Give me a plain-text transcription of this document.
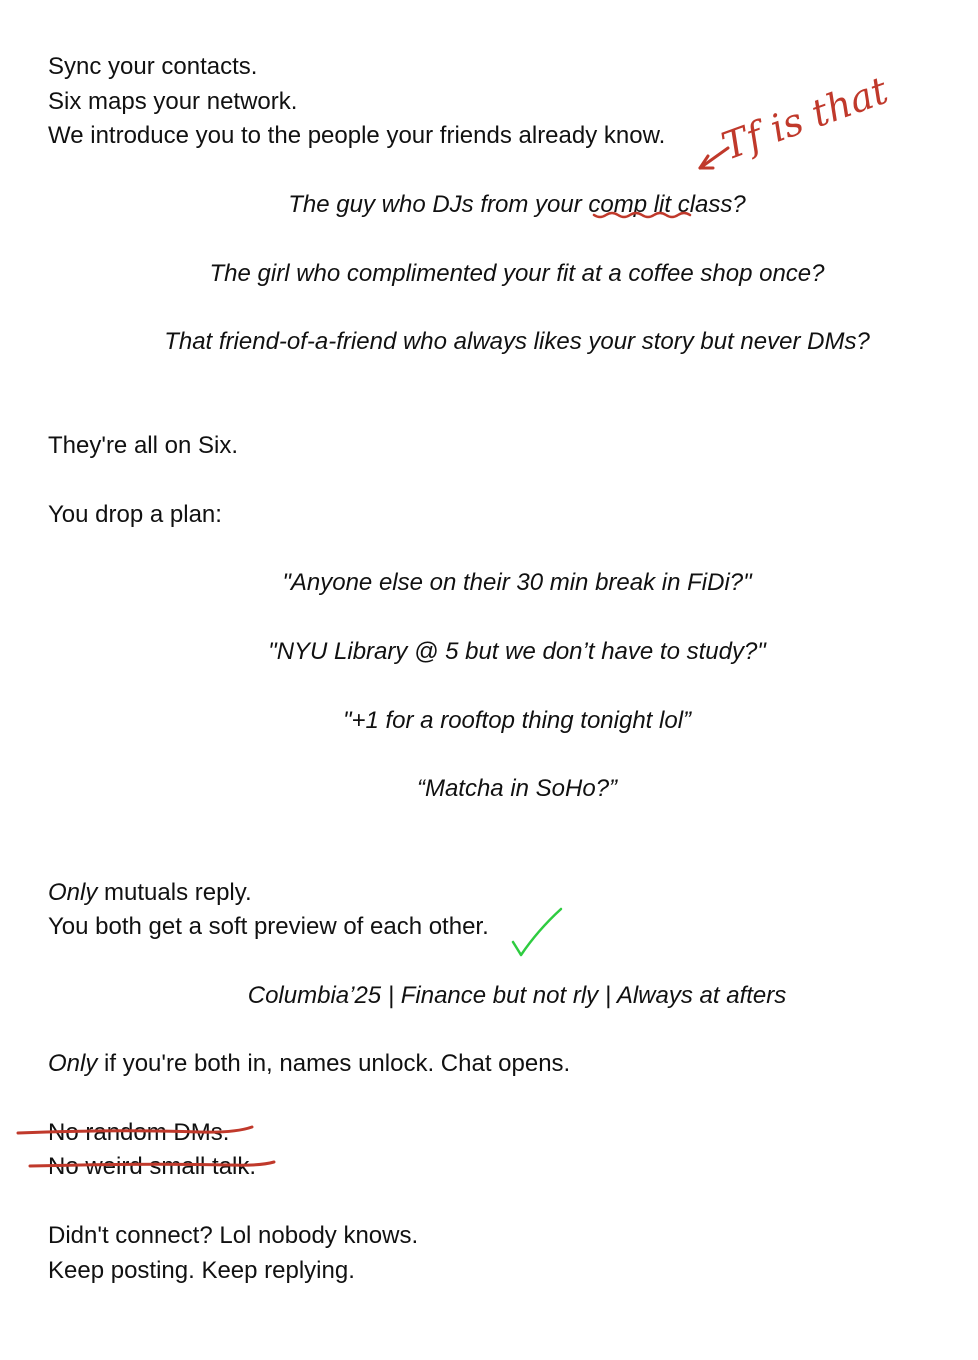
Sync your contacts.
Six maps your network.
We introduce you to the people your friends already know.
The guy who DJs from your comp lit class?
The girl who complimented your fit at a coffee shop once?
That friend-of-a-friend who always likes your story but never DMs?
They're all on Six.
You drop a plan:
"Anyone else on their 30 min break in FiDi?"
"NYU Library @ 5 but we don’t have to study?"
"+1 for a rooftop thing tonight lol”
“Matcha in SoHo?”
Only mutuals reply.
You both get a soft preview of each other.
Columbia’25 | Finance but not rly | Always at afters
Only if you're both in, names unlock. Chat opens.
No random DMs.
No weird small talk.
Didn't connect? Lol nobody knows.
Keep posting. Keep replying.
Tf is that
